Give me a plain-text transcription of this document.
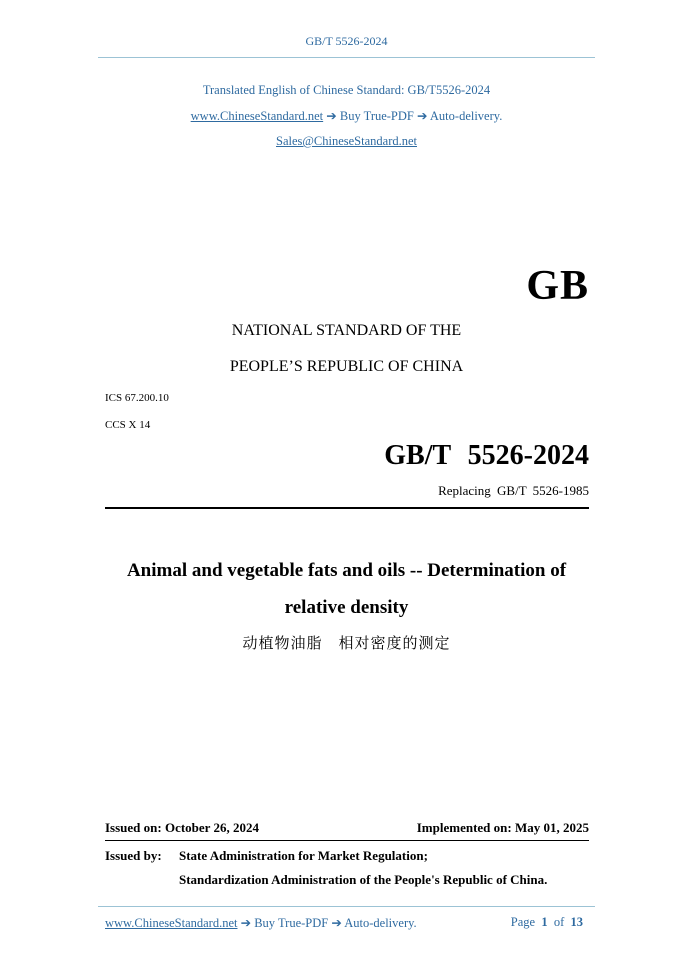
GB/T 5526-2024
Translated English of Chinese Standard: GB/T5526-2024
www.ChineseStandard.net ➔ Buy True-PDF ➔ Auto-delivery.
Sales@ChineseStandard.net
GB
NATIONAL STANDARD OF THE
PEOPLE’S REPUBLIC OF CHINA
ICS 67.200.10
CCS X 14
GB/T 5526-2024
Replacing GB/T 5526-1985
Animal and vegetable fats and oils -- Determination of
relative density
动植物油脂　相对密度的测定
Issued on: October 26, 2024	Implemented on: May 01, 2025
Issued by: State Administration for Market Regulation;
Standardization Administration of the People's Republic of China.
www.ChineseStandard.net ➔ Buy True-PDF ➔ Auto-delivery.	Page 1 of 13
